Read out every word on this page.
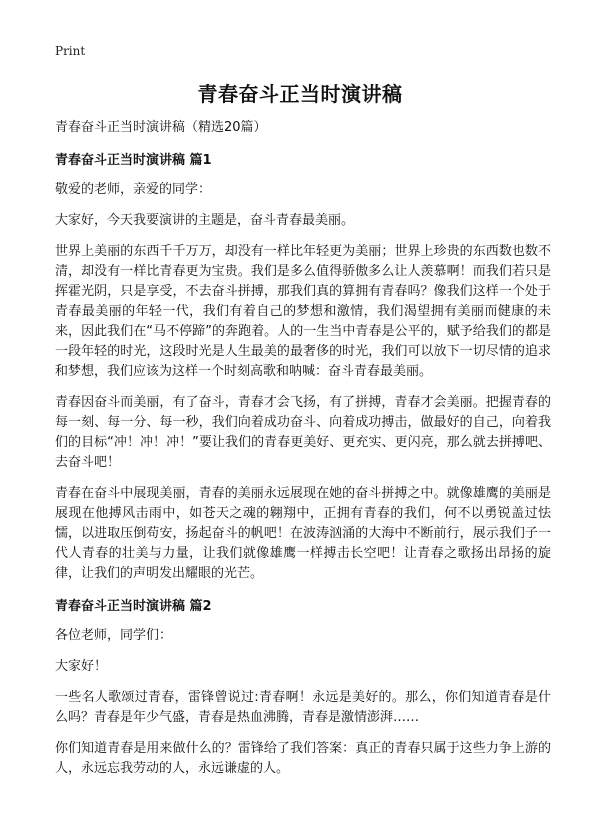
Print
青春奋斗正当时演讲稿

青春奋斗正当时演讲稿（精选20篇）

青春奋斗正当时演讲稿 篇1

敬爱的老师，亲爱的同学：

大家好，今天我要演讲的主题是，奋斗青春最美丽。

世界上美丽的东西千千万万，却没有一样比年轻更为美丽；世界上珍贵的东西数也数不清，却没有一样比青春更为宝贵。我们是多么值得骄傲多么让人羡慕啊！而我们若只是挥霍光阴，只是享受，不去奋斗拼搏，那我们真的算拥有青春吗？像我们这样一个处于青春最美丽的年轻一代，我们有着自己的梦想和激情，我们渴望拥有美丽而健康的未来，因此我们在“马不停蹄”的奔跑着。人的一生当中青春是公平的，赋予给我们的都是一段年轻的时光，这段时光是人生最美的最奢侈的时光，我们可以放下一切尽情的追求和梦想，我们应该为这样一个时刻高歌和呐喊：奋斗青春最美丽。

青春因奋斗而美丽，有了奋斗，青春才会飞扬，有了拼搏，青春才会美丽。把握青春的每一刻、每一分、每一秒，我们向着成功奋斗、向着成功搏击，做最好的自己，向着我们的目标“冲！冲！冲！”要让我们的青春更美好、更充实、更闪亮，那么就去拼搏吧、去奋斗吧！

青春在奋斗中展现美丽，青春的美丽永远展现在她的奋斗拼搏之中。就像雄鹰的美丽是展现在他搏风击雨中，如苍天之魂的翱翔中，正拥有青春的我们，何不以勇锐盖过怯懦，以进取压倒苟安，扬起奋斗的帆吧！在波涛汹涌的大海中不断前行，展示我们子一代人青春的壮美与力量，让我们就像雄鹰一样搏击长空吧！让青春之歌扬出昂扬的旋律，让我们的声明发出耀眼的光芒。

青春奋斗正当时演讲稿 篇2

各位老师，同学们：

大家好！

一些名人歌颂过青春，雷锋曾说过:青春啊！永远是美好的。那么，你们知道青春是什么吗？青春是年少气盛，青春是热血沸腾，青春是激情澎湃……

你们知道青春是用来做什么的？雷锋给了我们答案：真正的青春只属于这些力争上游的人，永远忘我劳动的人，永远谦虚的人。
